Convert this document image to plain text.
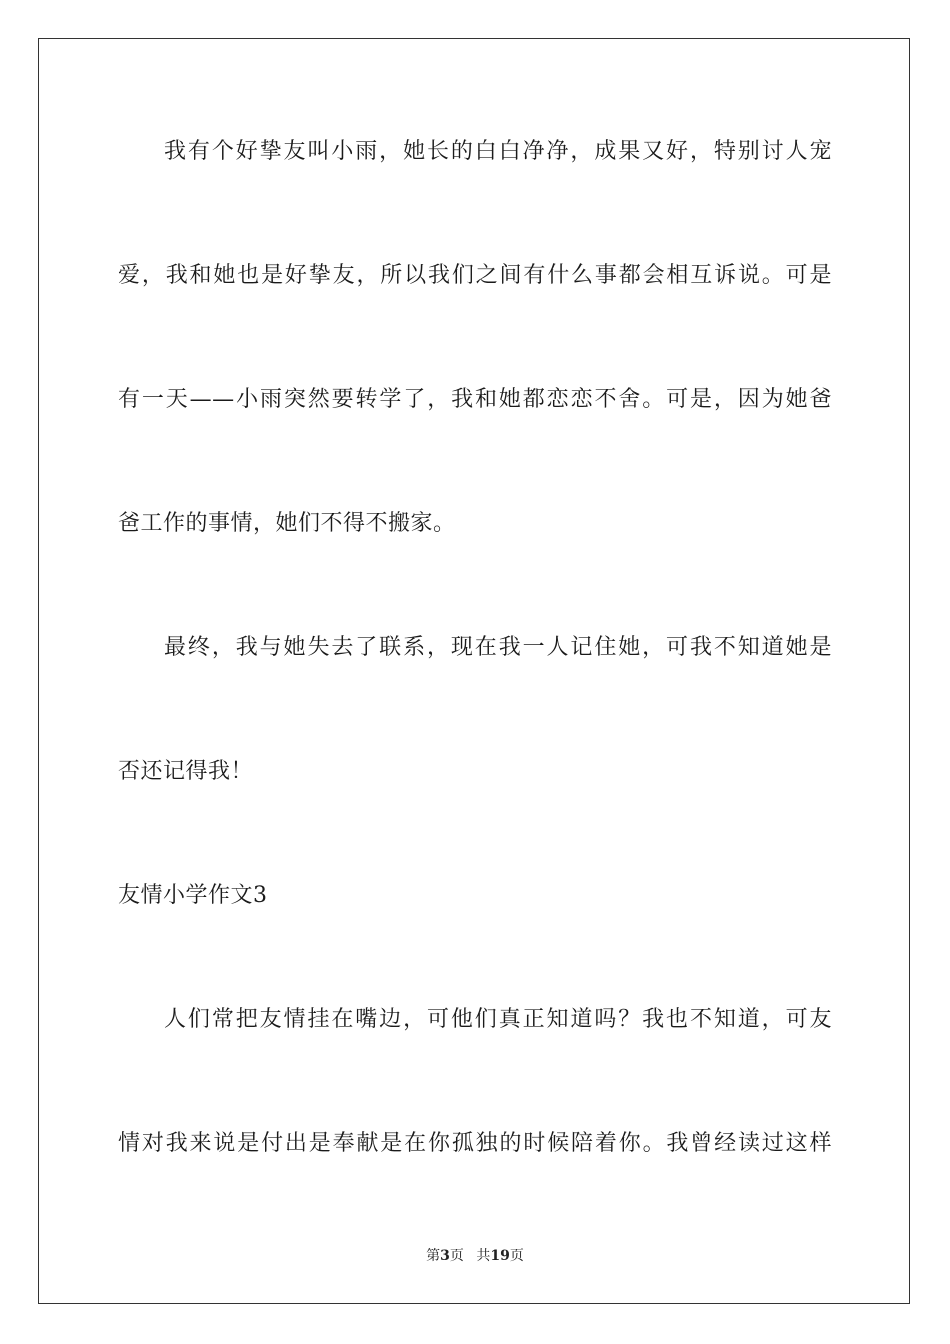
我有个好挚友叫小雨，她长的白白净净，成果又好，特别讨人宠
爱，我和她也是好挚友，所以我们之间有什么事都会相互诉说。可是
有一天——小雨突然要转学了，我和她都恋恋不舍。可是，因为她爸
爸工作的事情，她们不得不搬家。
最终，我与她失去了联系，现在我一人记住她，可我不知道她是
否还记得我！
友情小学作文3
人们常把友情挂在嘴边，可他们真正知道吗？我也不知道，可友
情对我来说是付出是奉献是在你孤独的时候陪着你。我曾经读过这样
第3页 共19页
